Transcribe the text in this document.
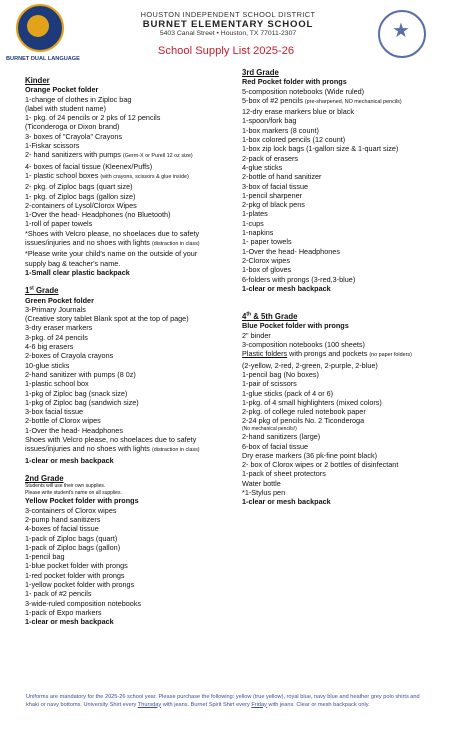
BURNET DUAL LANGUAGE
★
HOUSTON INDEPENDENT SCHOOL DISTRICT
BURNET ELEMENTARY SCHOOL
5403 Canal Street • Houston, TX 77011-2307
School Supply List 2025-26
Kinder
Orange Pocket folder
1-change of clothes in Ziploc bag
(label with student name)
1- pkg. of 24 pencils or 2 pks of 12 pencils
(Ticonderoga or Dixon brand)
3- boxes of "Crayola" Crayons
1-Fiskar scissors
2- hand sanitizers with pumps (Germ-X or Purell 12 oz size)
4- boxes of facial tissue (Kleenex/Puffs)
1- plastic school boxes (with crayons, scissors & glue inside)
2- pkg. of Ziploc bags (quart size)
1- pkg. of Ziploc bags (gallon size)
2-containers of Lysol/Clorox Wipes
1-Over the head- Headphones (no Bluetooth)
1-roll of paper towels
*Shoes with Velcro please, no shoelaces due to safety
issues/injuries and no shoes with lights (distraction in class)
*Please write your child's name on the outside of your
supply bag & teacher's name.
1-Small clear plastic backpack
1st Grade
Green Pocket folder
3-Primary Journals
(Creative story tablet Blank spot at the top of page)
3-dry eraser markers
3-pkg. of 24 pencils
4-6 big erasers
2-boxes of Crayola crayons
10-glue sticks
2-hand sanitizer with pumps (8 0z)
1-plastic school box
1-pkg of Ziploc bag (snack size)
1-pkg of Ziploc bag (sandwich size)
3-box facial tissue
2-bottle of Clorox wipes
1-Over the head- Headphones
Shoes with Velcro please, no shoelaces due to safety
issues/injuries and no shoes with lights (distraction in class)
1-clear or mesh backpack
2nd Grade
Students will use their own supplies.
Please write student's name on all supplies.
Yellow Pocket folder with prongs
3-containers of Clorox wipes
2-pump hand sanitizers
4-boxes of facial tissue
1-pack of Ziploc bags (quart)
1-pack of Ziploc bags (gallon)
1-pencil bag
1-blue pocket folder with prongs
1-red pocket folder with prongs
1-yellow pocket folder with prongs
1- pack of #2 pencils
3-wide-ruled composition notebooks
1-pack of Expo markers
1-clear or mesh backpack
3rd Grade
Red Pocket folder with prongs
5-composition notebooks (Wide ruled)
5-box of #2 pencils (pre-sharpened, NO mechanical pencils)
12-dry erase markers blue or black
1-spoon/fork bag
1-box markers (8 count)
1-box colored pencils (12 count)
1-box zip lock bags (1-gallon size & 1-quart size)
2-pack of erasers
4-glue sticks
2-bottle of hand sanitizer
3-box of facial tissue
1-pencil sharpener
2-pkg of black pens
1-plates
1-cups
1-napkins
1- paper towels
1-Over the head- Headphones
2-Clorox wipes
1-box of gloves
6-folders with prongs (3-red,3-blue)
1-clear or mesh backpack
4th & 5th Grade
Blue Pocket folder with prongs
2" binder
3-composition notebooks (100 sheets)
Plastic folders with prongs and pockets (no paper folders)
(2-yellow, 2-red, 2-green, 2-purple, 2-blue)
1-pencil bag (No boxes)
1-pair of scissors
1-glue sticks (pack of 4 or 6)
1-pkg. of 4 small highlighters (mixed colors)
2-pkg. of college ruled notebook paper
2-24 pkg of pencils No. 2 Ticonderoga
(No mechanical pencils!)
2-hand sanitizers (large)
6-box of facial tissue
Dry erase markers (36 pk-fine point black)
2- box of Clorox wipes or 2 bottles of disinfectant
1-pack of sheet protectors
Water bottle
*1-Stylus pen
1-clear or mesh backpack
Uniforms are mandatory for the 2025-26 school year. Please purchase the following: yellow (true yellow), royal blue, navy blue and heather grey polo shirts and khaki or navy bottoms. University Shirt every Thursday with jeans. Burnet Spirit Shirt every Friday with jeans. Clear or mesh backpack only.
